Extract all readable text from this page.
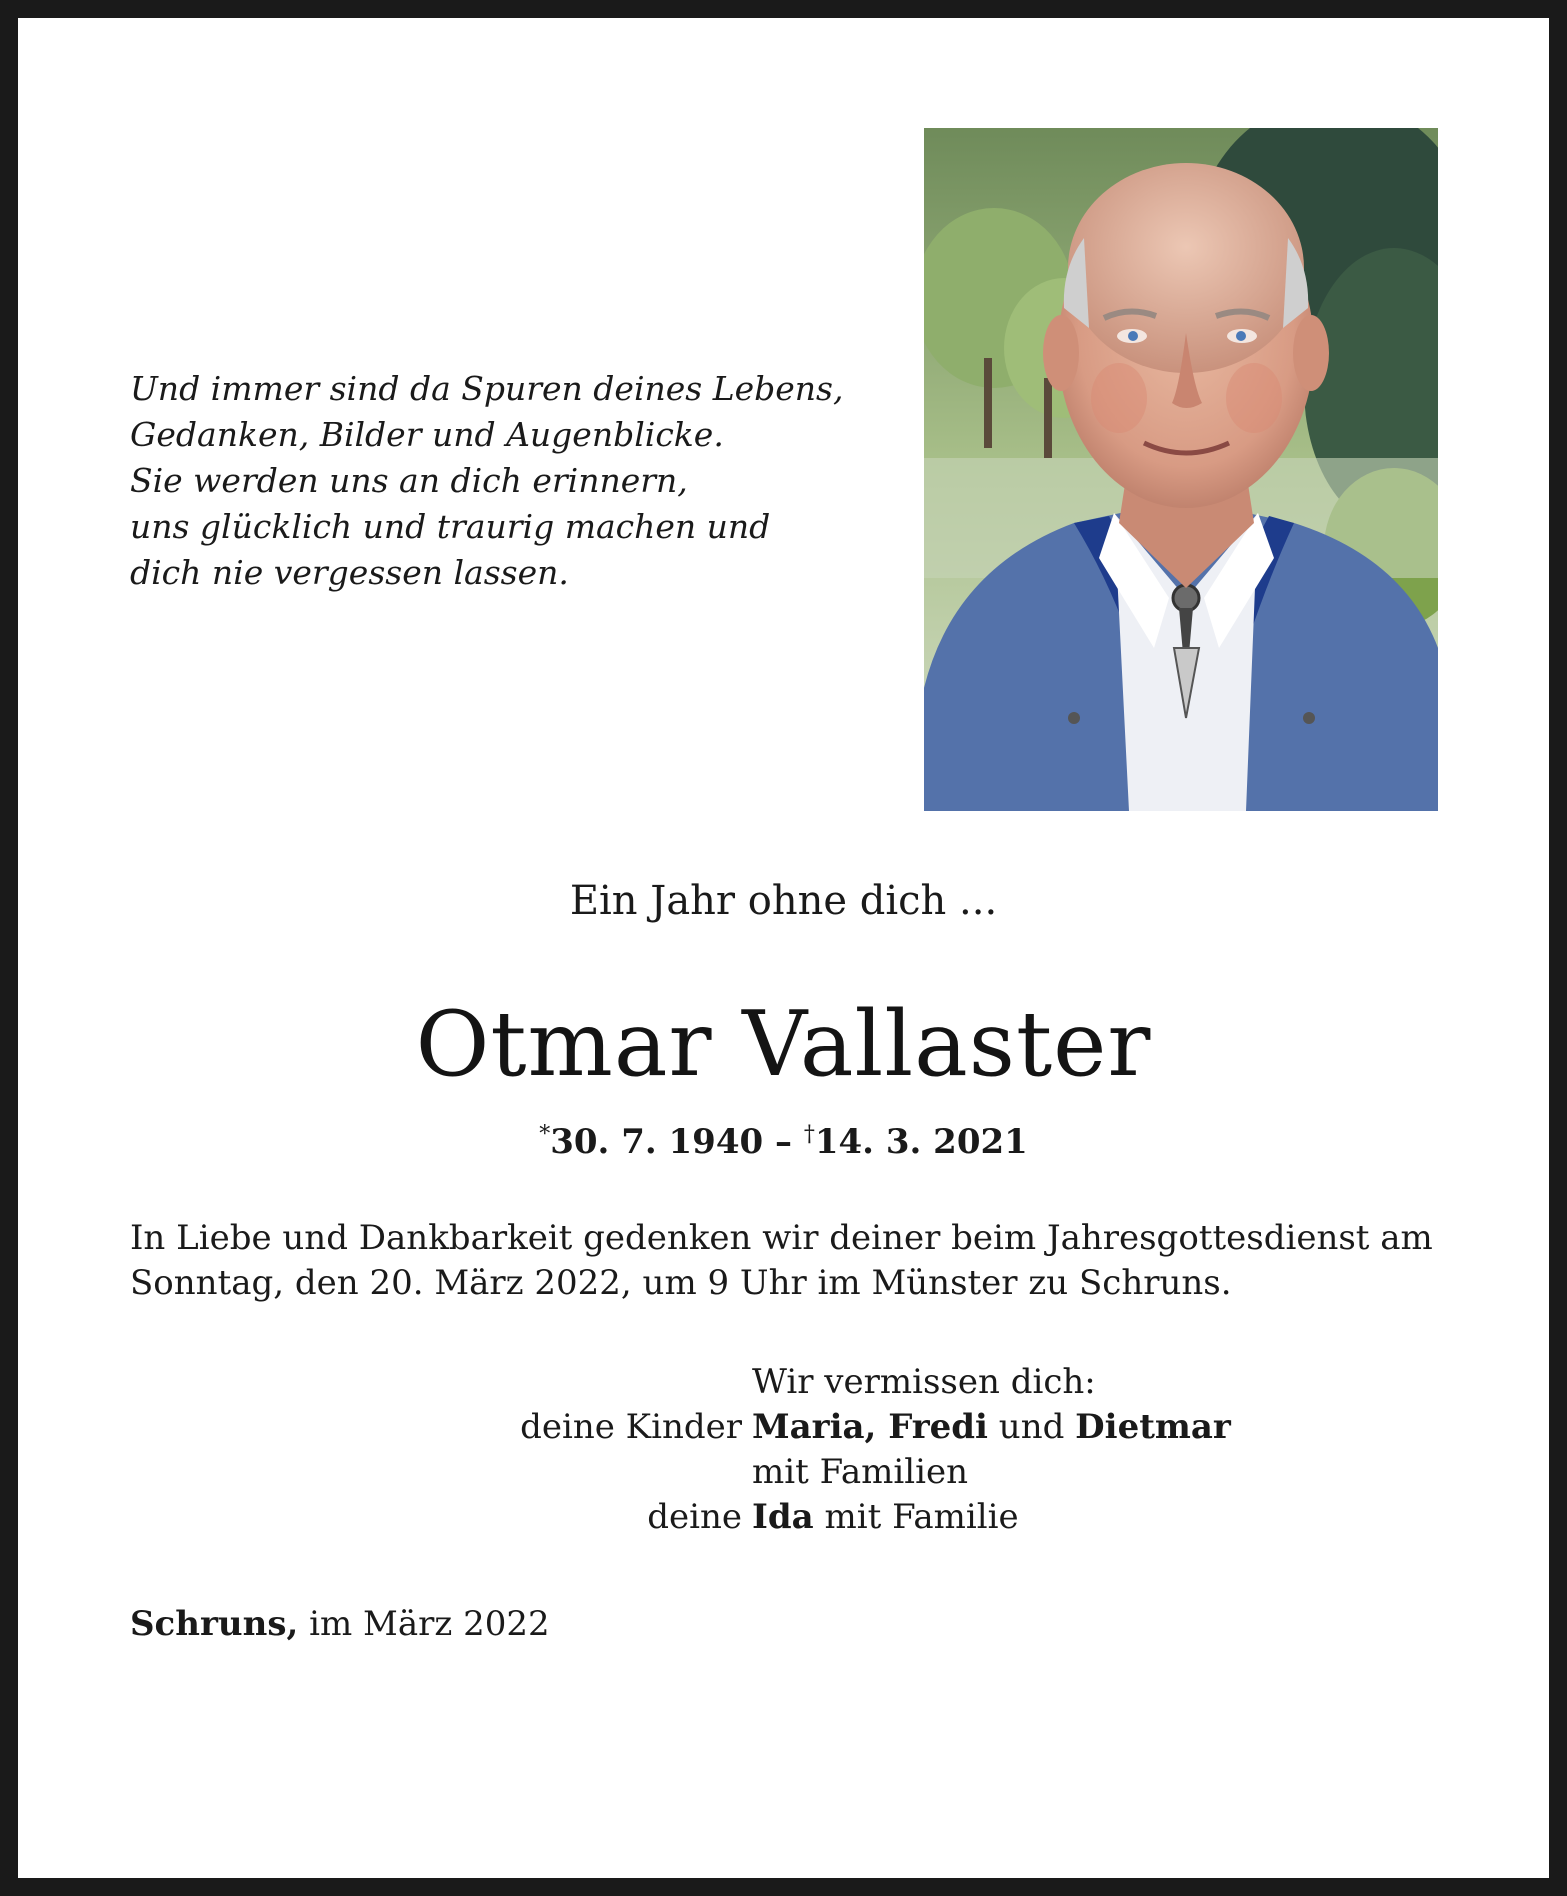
Und immer sind da Spuren deines Lebens,
Gedanken, Bilder und Augenblicke.
Sie werden uns an dich erinnern,
uns glücklich und traurig machen und
dich nie vergessen lassen.
Ein Jahr ohne dich ...
Otmar Vallaster
*30. 7. 1940 – †14. 3. 2021
In Liebe und Dankbarkeit gedenken wir deiner beim Jahresgottesdienst am
Sonntag, den 20. März 2022, um 9 Uhr im Münster zu Schruns.
Wir vermissen dich:
deine Kinder Maria, Fredi und Dietmar
mit Familien
deine Ida mit Familie
Schruns, im März 2022
